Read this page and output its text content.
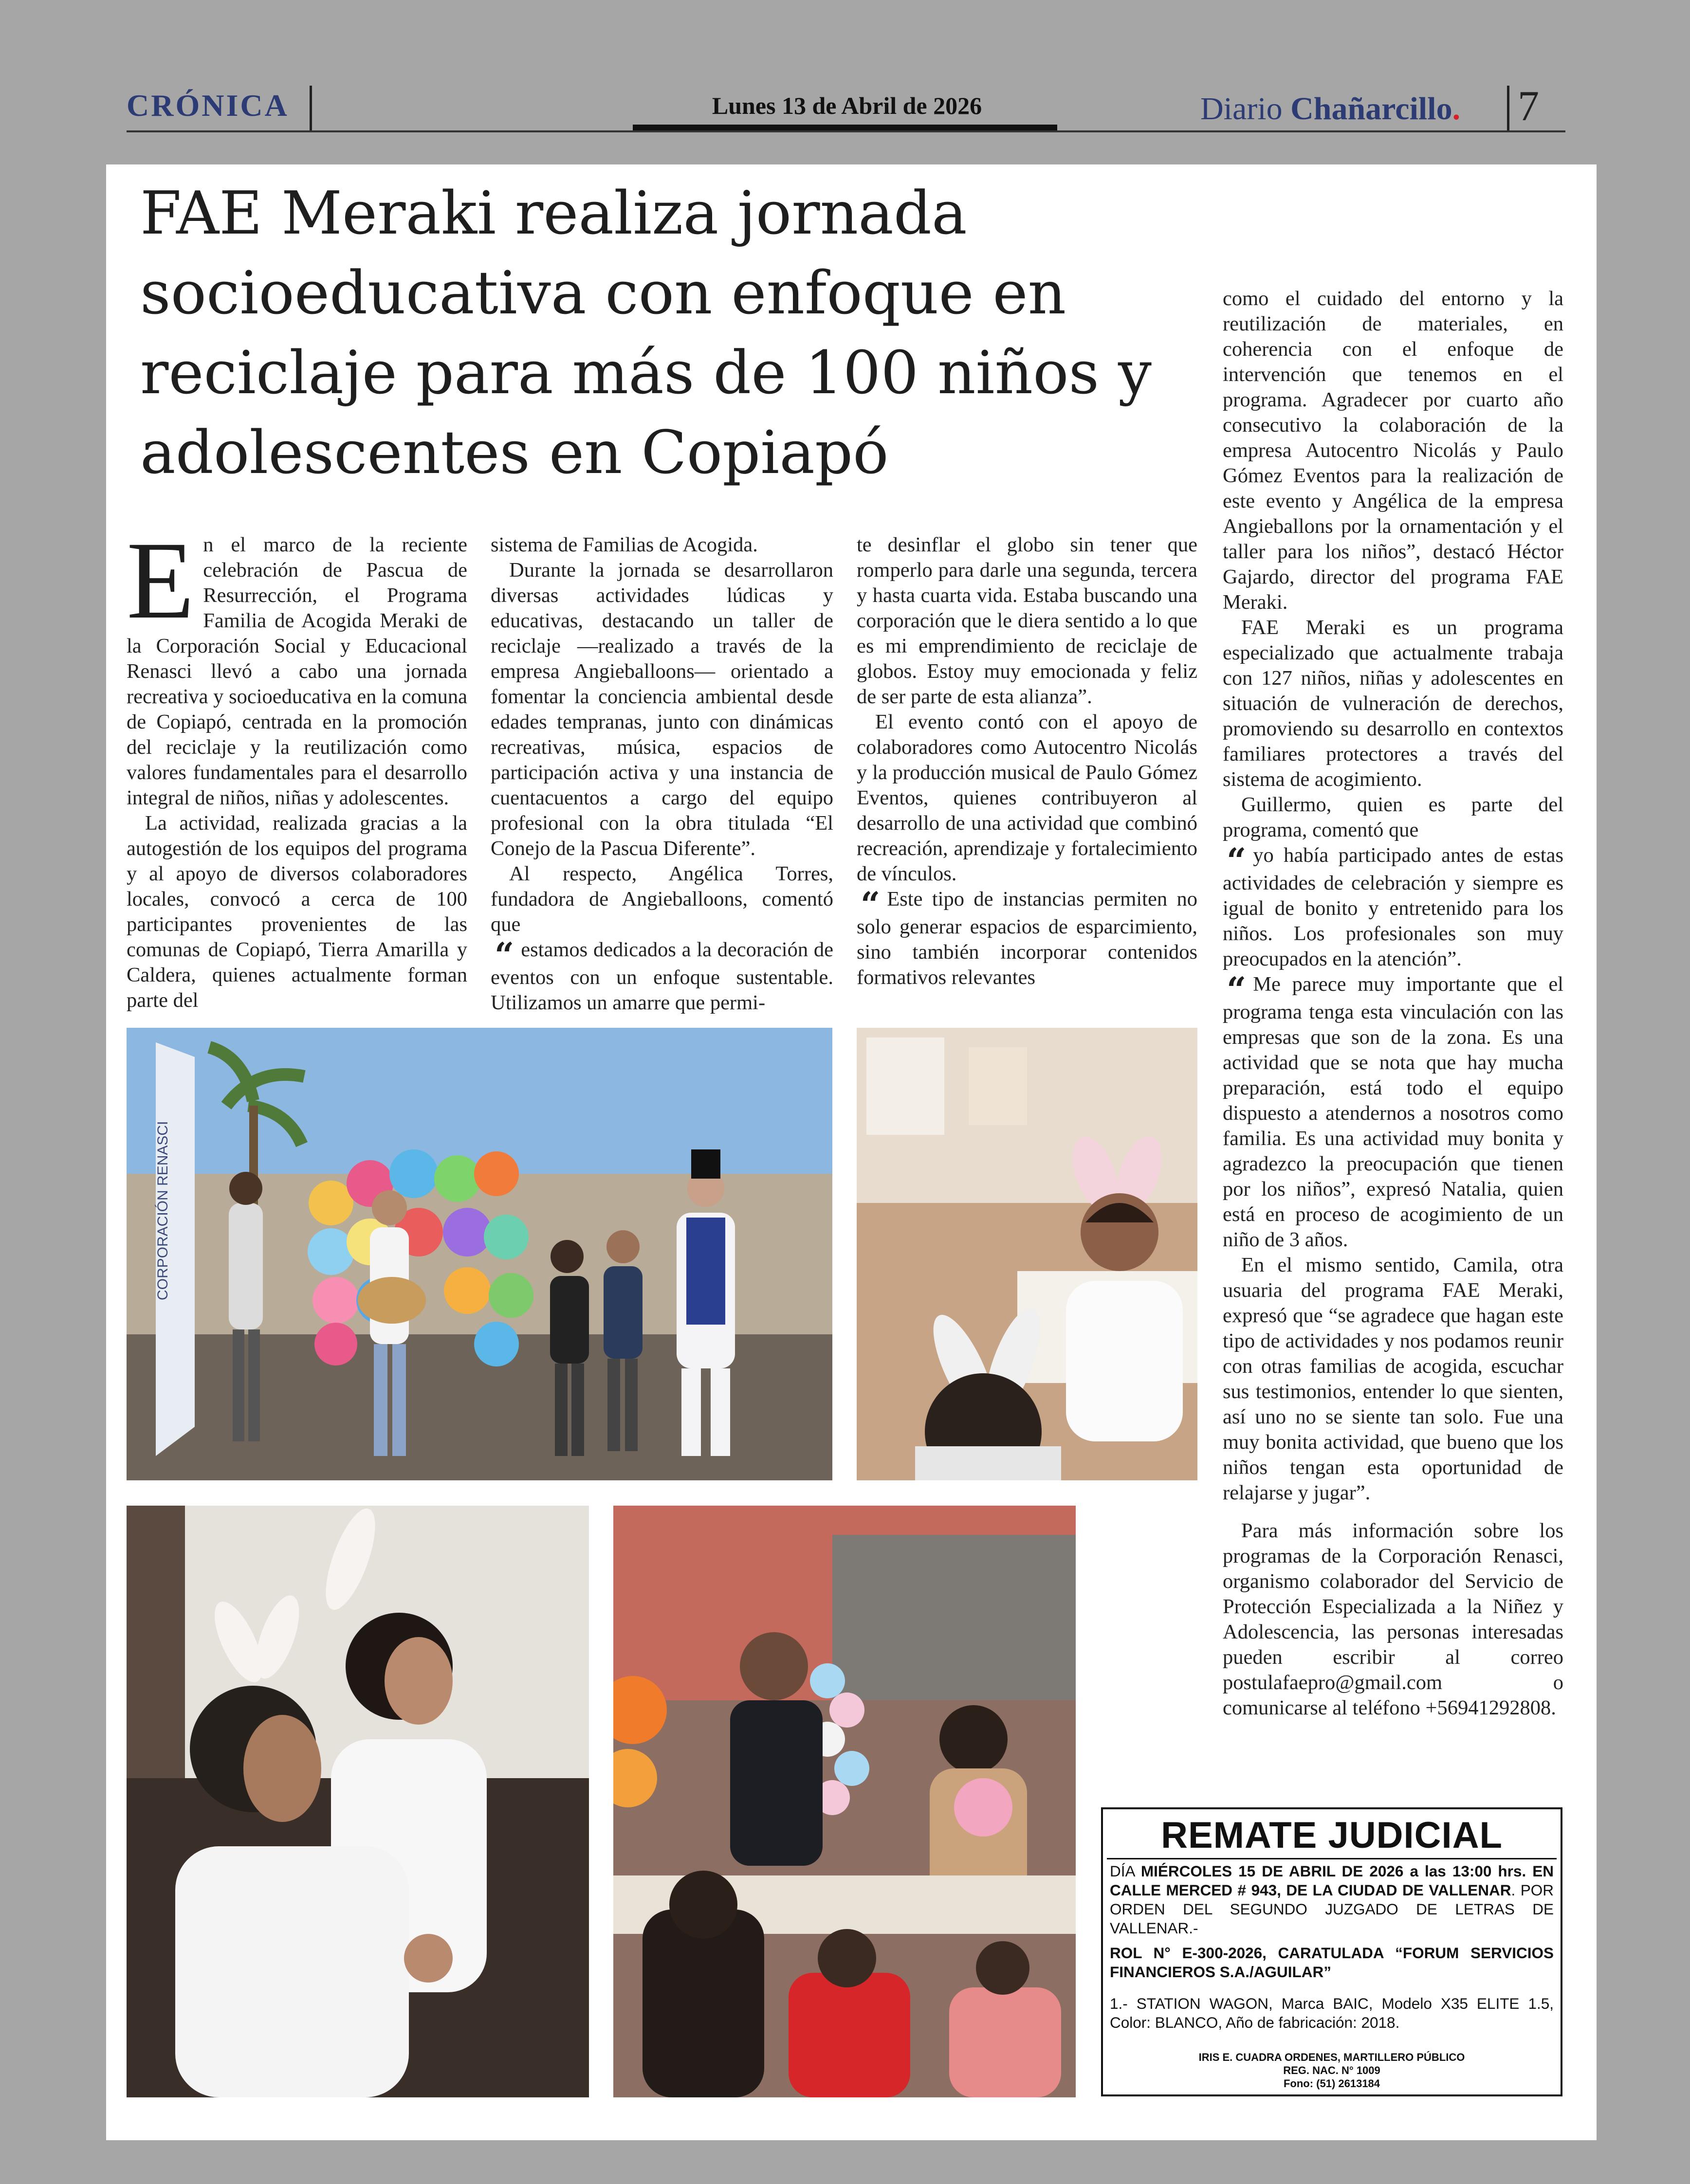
CRÓNICA	Lunes 13 de Abril de 2026	Diario Chañarcillo. 7
FAE Meraki realiza jornada socioeducativa con enfoque en reciclaje para más de 100 niños y adolescentes en Copiapó

En el marco de la reciente celebración de Pascua de Resurrección, el Programa Familia de Acogida Meraki de la Corporación Social y Educacional Renasci llevó a cabo una jornada recreativa y socioeducativa en la comuna de Copiapó, centrada en la promoción del reciclaje y la reutilización como valores fundamentales para el desarrollo integral de niños, niñas y adolescentes.

La actividad, realizada gracias a la autogestión de los equipos del programa y al apoyo de diversos colaboradores locales, convocó a cerca de 100 participantes provenientes de las comunas de Copiapó, Tierra Amarilla y Caldera, quienes actualmente forman parte del

sistema de Familias de Acogida.

Durante la jornada se desarrollaron diversas actividades lúdicas y educativas, destacando un taller de reciclaje —realizado a través de la empresa Angieballoons— orientado a fomentar la conciencia ambiental desde edades tempranas, junto con dinámicas recreativas, música, espacios de participación activa y una instancia de cuentacuentos a cargo del equipo profesional con la obra titulada “El Conejo de la Pascua Diferente”.

Al respecto, Angélica Torres, fundadora de Angieballoons, comentó que

“ estamos dedicados a la decoración de eventos con un enfoque sustentable. Utilizamos un amarre que permi-

te desinflar el globo sin tener que romperlo para darle una segunda, tercera y hasta cuarta vida. Estaba buscando una corporación que le diera sentido a lo que es mi emprendimiento de reciclaje de globos. Estoy muy emocionada y feliz de ser parte de esta alianza”.

El evento contó con el apoyo de colaboradores como Autocentro Nicolás y la producción musical de Paulo Gómez Eventos, quienes contribuyeron al desarrollo de una actividad que combinó recreación, aprendizaje y fortalecimiento de vínculos.

“ Este tipo de instancias permiten no solo generar espacios de esparcimiento, sino también incorporar contenidos formativos relevantes

como el cuidado del entorno y la reutilización de materiales, en coherencia con el enfoque de intervención que tenemos en el programa. Agradecer por cuarto año consecutivo la colaboración de la empresa Autocentro Nicolás y Paulo Gómez Eventos para la realización de este evento y Angélica de la empresa Angieballons por la ornamentación y el taller para los niños”, destacó Héctor Gajardo, director del programa FAE Meraki.

FAE Meraki es un programa especializado que actualmente trabaja con 127 niños, niñas y adolescentes en situación de vulneración de derechos, promoviendo su desarrollo en contextos familiares protectores a través del sistema de acogimiento.

Guillermo, quien es parte del programa, comentó que

“ yo había participado antes de estas actividades de celebración y siempre es igual de bonito y entretenido para los niños. Los profesionales son muy preocupados en la atención”.

“ Me parece muy importante que el programa tenga esta vinculación con las empresas que son de la zona. Es una actividad que se nota que hay mucha preparación, está todo el equipo dispuesto a atendernos a nosotros como familia. Es una actividad muy bonita y agradezco la preocupación que tienen por los niños”, expresó Natalia, quien está en proceso de acogimiento de un niño de 3 años.

En el mismo sentido, Camila, otra usuaria del programa FAE Meraki, expresó que “se agradece que hagan este tipo de actividades y nos podamos reunir con otras familias de acogida, escuchar sus testimonios, entender lo que sienten, así uno no se siente tan solo. Fue una muy bonita actividad, que bueno que los niños tengan esta oportunidad de relajarse y jugar”.

Para más información sobre los programas de la Corporación Renasci, organismo colaborador del Servicio de Protección Especializada a la Niñez y Adolescencia, las personas interesadas pueden escribir al correo postulafaepro@gmail.com o comunicarse al teléfono +56941292808.

CORPORACIÓN RENASCI
REMATE JUDICIAL
DÍA MIÉRCOLES 15 DE ABRIL DE 2026 a las 13:00 hrs. EN CALLE MERCED # 943, DE LA CIUDAD DE VALLENAR. POR ORDEN DEL SEGUNDO JUZGADO DE LETRAS DE VALLENAR.-
ROL N° E-300-2026, CARATULADA “FORUM SERVICIOS FINANCIEROS S.A./AGUILAR”
1.- STATION WAGON, Marca BAIC, Modelo X35 ELITE 1.5, Color: BLANCO, Año de fabricación: 2018.
IRIS E. CUADRA ORDENES, MARTILLERO PÚBLICO
REG. NAC. N° 1009
Fono: (51) 2613184
